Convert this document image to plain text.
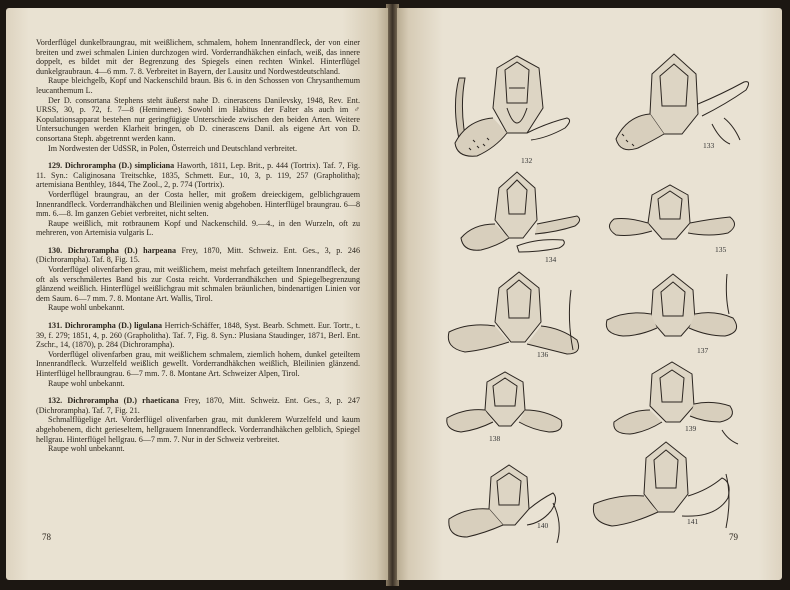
Vorderflügel dunkelbraungrau, mit weißlichem, schmalem, hohem Innenrandfleck, der von einer breiten und zwei schmalen Linien durchzogen wird. Vorderrandhäkchen einfach, weiß, das innere doppelt, es bildet mit der Begrenzung des Spiegels einen rechten Winkel. Hinterflügel dunkelgraubraun. 4—6 mm. 7. 8. Verbreitet in Bayern, der Lausitz und Nordwestdeutschland.

Raupe bleichgelb, Kopf und Nackenschild braun. Bis 6. in den Schossen von Chrysanthemum leucanthemum L.

Der D. consortana Stephens steht äußerst nahe D. cinerascens Danilevsky, 1948, Rev. Ent. URSS, 30, p. 72, f. 7—8 (Hemimene). Sowohl im Habitus der Falter als auch im ♂ Kopulationsapparat bestehen nur geringfügige Unterschiede zwischen den beiden Arten. Weitere Untersuchungen werden Klarheit bringen, ob D. cinerascens Danil. als eigene Art von D. consortana Steph. abgetrennt werden kann.

Im Nordwesten der UdSSR, in Polen, Österreich und Deutschland verbreitet.

129. Dichrorampha (D.) simpliciana Haworth, 1811, Lep. Brit., p. 444 (Tortrix). Taf. 7, Fig. 11. Syn.: Caliginosana Treitschke, 1835, Schmett. Eur., 10, 3, p. 119, 257 (Grapholitha); artemisiana Benthley, 1844, The Zool., 2, p. 774 (Tortrix).

Vorderflügel braungrau, an der Costa heller, mit großem dreieckigem, gelblichgrauem Innenrandfleck. Vorderrandhäkchen und Bleilinien wenig abgehoben. Hinterflügel braungrau. 6—8 mm. 6.—8. Im ganzen Gebiet verbreitet, nicht selten.

Raupe weißlich, mit rotbraunem Kopf und Nackenschild. 9.—4., in den Wurzeln, oft zu mehreren, von Artemisia vulgaris L.

130. Dichrorampha (D.) harpeana Frey, 1870, Mitt. Schweiz. Ent. Ges., 3, p. 246 (Dichrorampha). Taf. 8, Fig. 15.

Vorderflügel olivenfarben grau, mit weißlichem, meist mehrfach geteiltem Innenrandfleck, der oft als verschmälertes Band bis zur Costa reicht. Vorderrandhäkchen und Spiegelbegrenzung glänzend weißlich. Hinterflügel weißlichgrau mit schmalen bräunlichen, bindenartigen Linien vor dem Saum. 6—7 mm. 7. 8. Montane Art. Wallis, Tirol.

Raupe wohl unbekannt.

131. Dichrorampha (D.) ligulana Herrich-Schäffer, 1848, Syst. Bearb. Schmett. Eur. Tortr., t. 39, f. 279; 1851, 4, p. 260 (Grapholitha). Taf. 7, Fig. 8. Syn.: Plusiana Staudinger, 1871, Berl. Ent. Zschr., 14, (1870), p. 284 (Dichrorampha).

Vorderflügel olivenfarben grau, mit weißlichem schmalem, ziemlich hohem, dunkel geteiltem Innenrandfleck. Wurzelfeld weißlich gewellt. Vorderrandhäkchen weißlich, Bleilinien glänzend. Hinterflügel hellbraungrau. 6—7 mm. 7. 8. Montane Art. Schweizer Alpen, Tirol.

Raupe wohl unbekannt.

132. Dichrorampha (D.) rhaeticana Frey, 1870, Mitt. Schweiz. Ent. Ges., 3, p. 247 (Dichrorampha). Taf. 7, Fig. 21.

Schmalflügelige Art. Vorderflügel olivenfarben grau, mit dunklerem Wurzelfeld und kaum abgehobenem, dicht gerieseltem, hellgrauem Innenrandfleck. Vorderrandhäkchen gelblich, Spiegel hellgrau. Hinterflügel hellgrau. 6—7 mm. 7. Nur in der Schweiz verbreitet.

Raupe wohl unbekannt.

78
132
133
134
135
136	137
138
139
140	141
79
